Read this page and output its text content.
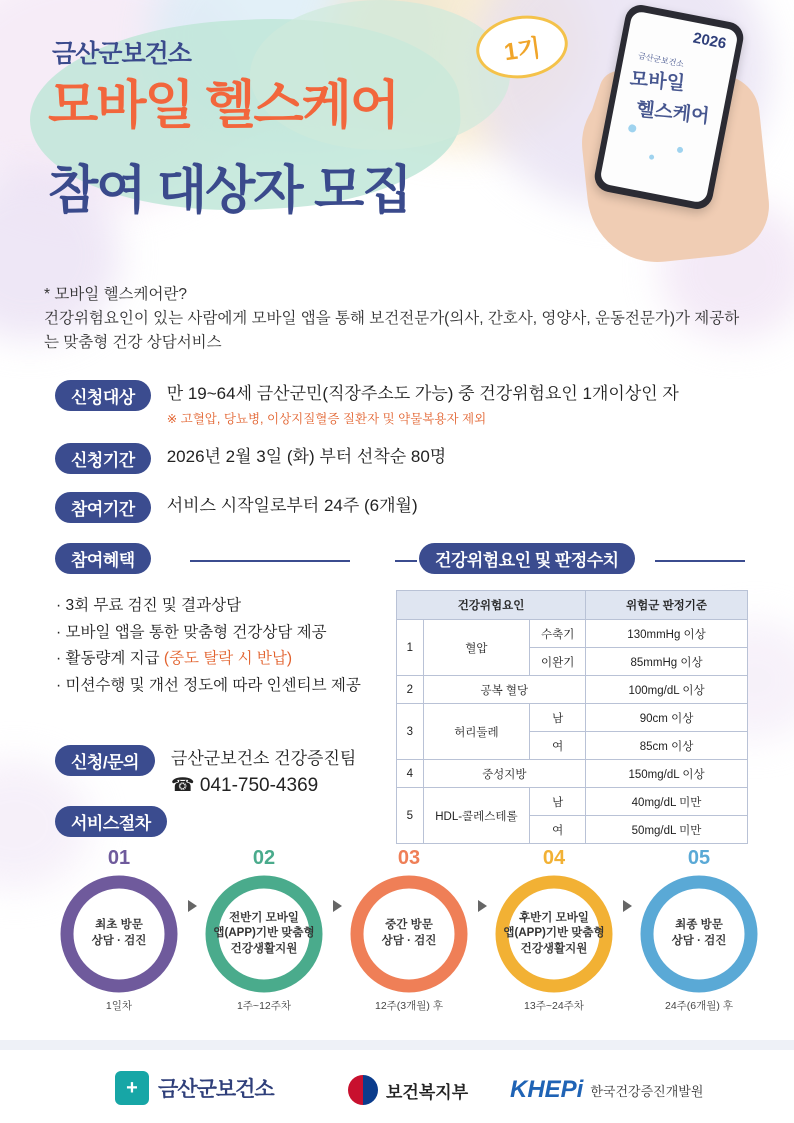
금산군보건소
모바일 헬스케어
참여 대상자 모집
1기	2026
금산군보건소
모바일
헬스케어
* 모바일 헬스케어란?
건강위험요인이 있는 사람에게 모바일 앱을 통해 보건전문가(의사, 간호사, 영양사, 운동전문가)가 제공하는 맞춤형 건강 상담서비스
신청대상	만 19~64세 금산군민(직장주소도 가능) 중 건강위험요인 1개이상인 자
※ 고혈압, 당뇨병, 이상지질혈증 질환자 및 약물복용자 제외
신청기간	2026년 2월 3일 (화) 부터 선착순 80명
참여기간	서비스 시작일로부터 24주 (6개월)
참여혜택
· 3회 무료 검진 및 결과상담
· 모바일 앱을 통한 맞춤형 건강상담 제공
· 활동량계 지급 (중도 탈락 시 반납)
· 미션수행 및 개선 정도에 따라 인센티브 제공
건강위험요인 및 판정수치
건강위험요인			위험군 판정기준
1	혈압	수축기	130mmHg 이상
		이완기	85mmHg 이상
2	공복 혈당		100mg/dL 이상
3	허리둘레	남	90cm 이상
		여	85cm 이상
4	중성지방		150mg/dL 이상
5	HDL-콜레스테롤	남	40mg/dL 미만
		여	50mg/dL 미만
신청/문의	금산군보건소 건강증진팀
☎ 041-750-4369
서비스절차
01
최초 방문
상담 · 검진
1일차
02
전반기 모바일
앱(APP)기반 맞춤형
건강생활지원
1주~12주차
03
중간 방문
상담 · 검진
12주(3개월) 후
04
후반기 모바일
앱(APP)기반 맞춤형
건강생활지원
13주~24주차
05
최종 방문
상담 · 검진
24주(6개월) 후
+ 금산군보건소	보건복지부 KHEPi 한국건강증진개발원
